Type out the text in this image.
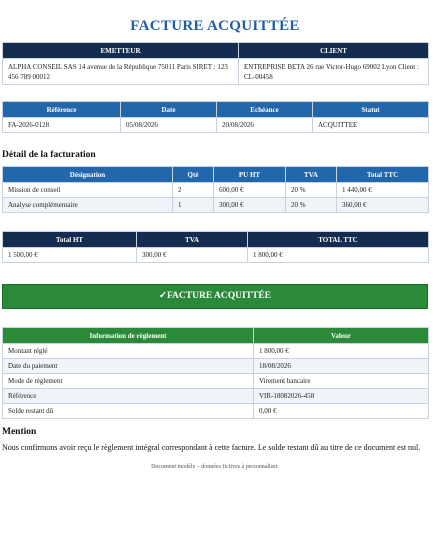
FACTURE ACQUITTÉE
EMETTEUR	CLIENT
ALPHA CONSEIL SAS 14 avenue de la République 75011 Paris SIRET : 123 456 789 00012	ENTREPRISE BETA 26 rue Victor-Hugo 69002 Lyon Client : CL-00458
Référence	Date	Echéance	Statut
FA-2026-0128	05/08/2026	20/08/2026	ACQUITTEE
Détail de la facturation
Désignation	Qté	PU HT	TVA	Total TTC
Mission de conseil	2	600,00 €	20 %	1 440,00 €
Analyse complémentaire	1	300,00 €	20 %	360,00 €
Total HT	TVA	TOTAL TTC
1 500,00 €	300,00 €	1 800,00 €
✓FACTURE ACQUITTÉE
Information de règlement	Valeur
Montant réglé	1 800,00 €
Date du paiement	18/08/2026
Mode de règlement	Virement bancaire
Référence	VIR-18082026-458
Solde restant dû	0,00 €
Mention
Nous confirmons avoir reçu le règlement intégral correspondant à cette facture. Le solde restant dû au titre de ce document est nul.
Document modèle – données fictives à personnaliser.
